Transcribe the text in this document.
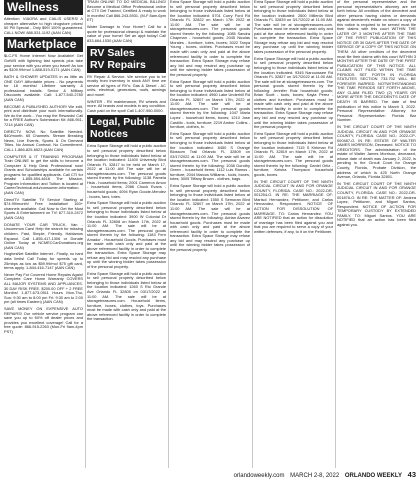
Wellness
Attention: VIAGRA and CIALIS USERS! A cheaper alternative to high drugstore prices! 50 Pill Special - Only $99! 100% guaranteed. CALL NOW! 888-531-1192 (AAN CAN)
Marketplace
$LC-FS Home Internet Now Available! Get GotW5 with lightning fast speeds plus take your service with you when you travel! As low as $109.99/mo! 1-888-519-0171 (AAN CAN)
BATH & SHOWER UPDATES in as little as ONE DAY! Affordable prices - No payments for 18 months! Lifetime warranty & professional installs. Senior & Military Discounts available. Call: 1-877-540-2780 (AAN CAN)
BECOME A PUBLISHED AUTHOR! We edit, print and distribute your work internationally. We do the work... You reap the Rewards! Call for a FREE Author's Submission Kit: 866-951-7214 (AAN CAN)
DIRECTV NOW. No Satellite Needed. $40/month. 65 Channels. Stream Breaking News, Live Events, Sports & On Demand Titles. No Annual Contract. No Commitment. CALL 1-866-825-6523 (AAN CAN)
COMPUTER & IT TRAINING PROGRAM! Train ONLINE to get the skills to become a Computer & Help Desk Professional now! Grants and Scholarships available for certain programs for qualified applicants. Call CTI for details! 1-855-554-4616 The Mission, Program Information and Tuition is located at CareerTechnical.edu/consumer-information. (AAN CAN)
DirectTV Satellite TV Service Starting at $74.99/month! Free Installation! 160+ channels available. Call Now to Get the Most Sports & Entertainment on TV! 877-310-2472 (AAN CAN)
DONATE YOUR CAR TRUCK, Van - Uncommon Cars! Help the search for missing children. Fast, Simple, Friendly. Hablamos Espanol. Call 1-855-417-1306 or Donate Online Today at NCMECCarDonations.org (AAN CAN)
HughesNet Satellite Internet - Finally, no hard data limits! Call Today for speeds up to 25mbps as low as $59.99/mo! $75 gift card, terms apply. 1-844-416-7147 (AAN CAN)
Never Pay For Covered Home Repairs Again! Complete Care Home Warranty COVERS ALL MAJOR SYSTEMS AND APPLIANCES. 30 DAY RISK FREE. $200.00 OFF + 2 FREE Months! 1-877-673-0511 Hours Mon-Thu, Sun: 9:30 am to 8:00 pm Fri: 9:30 am to 2:00 pm (all times Eastern) (AAN CAN)
SAVE MONEY ON EXPENSIVE AUTO REPAIRS! Our vehicle service program can save you up to 60% off dealer prices and provides you excellent coverage! Call for a free quote: 866-915-2263 (Mon-Fri 9am-4pm PST)
TRAIN ONLINE TO DO MEDICAL BILLING! Become a Medical Office Professional online at CTI! Get Trained, Certified & ready to work in months! Call 866-243-5931. (M-F 8am-6pm ET)
Water Damage to Your Home? Call for a quote for professional cleanup & maintain the value of your home! Set an appt today! Call 833-664-1530 (AAN CAN)
RV Sales
RV Repairs
RV Repair & Service. We service you to be mostly from inventory in stock ANY time we service all types of RV's: Gas & Diesel - AC units, electrical, generators, roofs, awnings and more!
WINTER - RV maintenance, RV wheels and more. All brands and models in any condition. Cash paid on the spot! Call 1-407-960-0000.
Legal, Public
Notices
Extra Space Storage will hold a public auction to sell personal property described below belonging to those individuals listed below at the location indicated: 11400 University Blvd Orlando FL 32817 to be held on March 17, 2022 at 11:00 AM The sale will be at storagetreasures.com. The personal goods stored therein by the following: 1138 Pamela Hsia - household items; 2001 Cameron Amon - household items; 2086 Chuck Evans - household goods; 4094 Ryan Goode-Mendez - boxes, fans, totes.
Extra Space Storage will hold a public auction to sell personal property described below belonging to those individuals listed below at the location indicated: 3900 W Colonial Dr Orlando FL 32808 on March 17th, 2022 at 11:00 AM. The sale will be at storagetreasures.com. The personal goods stored therein by the following: 1183 Fern Amador - Household Goods. Purchases must be made with cash only and paid at the above referenced facility in order to complete the transaction. Extra Space Storage may refuse any bid and may rescind any purchase up until the winning bidder takes possession of the personal property.
Extra Space Storage will hold a public auction to sell personal property described below belonging to those individuals listed below at the location indicated: 1260 S Rio Grande Ave Orlando FL 32805 on 03/17/2022 at 11:00 AM. The sale will be at storagetreasures.com. Household items, furniture, boxes, clothes, toys. Purchases must be made with cash only and paid at the above referenced facility in order to complete the transaction.
Extra Space Storage will hold a public auction to sell personal property described below belonging to those individuals listed below at the location indicated: 5701 Curry Ford Rd Orlando FL 32822 on March 17th 2022 at 11:00 AM. The sale will be at storagetreasures.com. The personal goods stored therein by the following: 1085 Sandra Chapman - household goods; 2045 Nicolas Morales - furniture, totes, boxes; 3022 Tanya Young - boxes, clothes. Purchases must be made with cash only and paid at the above referenced facility in order to complete the transaction. Extra Space Storage may refuse any bid and may rescind any purchase up until the winning bidder takes possession of the personal property.
Extra Space Storage will hold a public auction to sell personal property described below belonging to those individuals listed below at the location indicated: 4960 Lake Underhill Rd Orlando FL 32807 on March 17th, 2022 at 11:00 AM. The sale will be at storagetreasures.com. The personal goods stored therein by the following: 1047 Maria Lopez - household items, boxes; 1210 Jose Castillo - tools, furniture; 2219 Amber Collins - furniture, clothes, tv.
Extra Space Storage will hold a public auction to sell personal property described below belonging to those individuals listed below at the location indicated: 8450 S Orange Blossom Trail Orlando FL 32809 on 03/17/2022 at 11:00 AM. The sale will be at storagetreasures.com. The personal goods stored therein by the following: 1038 Dorothy Green - household items; 1112 Luis Ramos - furniture; 2044 Marcus Williams - tools, boxes, totes; 3005 Tiffany Brown - clothes, bags.
Extra Space Storage will hold a public auction to sell personal property described below belonging to those individuals listed below at the location indicated: 1550 S Semoran Blvd Orlando FL 32807 on March 17th, 2022 at 11:00 AM. The sale will be at storagetreasures.com. The personal goods stored therein by the following: Adrian Alvarez household goods. Purchases must be made with cash only and paid at the above referenced facility in order to complete the transaction. Extra Space Storage may refuse any bid and may rescind any purchase up until the winning bidder takes possession of the personal property.
Extra Space Storage will hold a public auction to sell personal property described below belonging to those individuals listed below at the location indicated: 2600 Millenia Blvd Orlando FL 32839 on 3/17/2022 at 11:00 AM. The sale will be at storagetreasures.com. Purchases must be made with cash only and paid at the above referenced facility in order to complete the transaction. Extra Space Storage may refuse any bid and may rescind any purchase up until the winning bidder takes possession of the personal property.
Extra Space Storage will hold a public auction to sell personal property described below belonging to those individuals listed below at the location indicated: 9345 Narcoossee Rd Orlando FL 32827 on 3/17/2022 at 11:00 AM. The sale will be at storagetreasures.com. The personal goods stored therein by the following: Jennifer Ruiz household goods; Brian Scott - tools, boxes; Kayla Perez - clothes and furniture. Purchases must be made with cash only and paid at the above referenced facility in order to complete the transaction. Extra Space Storage may refuse any bid and may rescind any purchase up until the winning bidder takes possession of the personal property.
Extra Space Storage will hold a public auction to sell personal property described below belonging to those individuals listed below at the location indicated: 7115 S Kirkman Rd Orlando FL 32819 on March 17th, 2022 at 11:00 AM. The sale will be at storagetreasures.com. The personal goods stored therein by the following: Daniel Ortiz - furniture; Keisha Thompson household goods, boxes.
IN THE CIRCUIT COURT OF THE NINTH JUDICIAL CIRCUIT IN AND FOR ORANGE COUNTY, FLORIDA. CASE NO.: 2022-DR-001254-O. IN RE: THE MARRIAGE OF: Marisol Hernandez, Petitioner, and Carlos Hernandez, Respondent. NOTICE OF ACTION FOR DISSOLUTION OF MARRIAGE. TO: Carlos Hernandez. YOU ARE NOTIFIED that an action for dissolution of marriage has been filed against you and that you are required to serve a copy of your written defenses, if any, to it on the Petitioner.
of the personal representative and the personal representative's attorney are set forth below. All creditors of the decedent and other persons having claims or demands against decedent's estate on whom a copy of this notice is required to be served must file their claims with this court WITHIN THE LATER OF 3 MONTHS AFTER THE TIME OF THE FIRST PUBLICATION OF THIS NOTICE OR 30 DAYS AFTER THE DATE OF SERVICE OF A COPY OF THIS NOTICE ON THEM. All other creditors of the decedent must file their claims with this court WITHIN 3 MONTHS AFTER THE DATE OF THE FIRST PUBLICATION OF THIS NOTICE. ALL CLAIMS NOT FILED WITHIN THE TIME PERIODS SET FORTH IN FLORIDA STATUTES SECTION 733.702 WILL BE FOREVER BARRED. NOTWITHSTANDING THE TIME PERIODS SET FORTH ABOVE, ANY CLAIM FILED TWO (2) YEARS OR MORE AFTER THE DECEDENT'S DATE OF DEATH IS BARRED. The date of first publication of this notice is March 3, 2022. Personal Representative: Attorney for Personal Representative: Florida Bar Number.
IN THE CIRCUIT COURT OF THE NINTH JUDICIAL CIRCUIT IN AND FOR ORANGE COUNTY, FLORIDA. CASE NO.: 2022-CP-000487-O. IN RE: ESTATE OF WALTER JAMES MORRISON, Deceased. NOTICE TO CREDITORS. The administration of the estate of Walter James Morrison, deceased, whose date of death was January 2, 2022, is pending in the Circuit Court for Orange County, Florida, Probate Division, the address of which is 425 North Orange Avenue, Orlando, Florida 32801.
IN THE CIRCUIT COURT OF THE NINTH JUDICIAL CIRCUIT IN AND FOR ORANGE COUNTY, FLORIDA. CASE NO.: 2022-DR-001876-O. IN RE: THE MATTER OF: Andrea Lopez, Petitioner, and Miguel Santos, Respondent. NOTICE OF ACTION FOR TEMPORARY CUSTODY BY EXTENDED FAMILY. TO: Miguel Santos. YOU ARE NOTIFIED that an action has been filed against you.
orlandoweekly.com MARCH 2-8, 2022 ORLANDO WEEKLY 43
